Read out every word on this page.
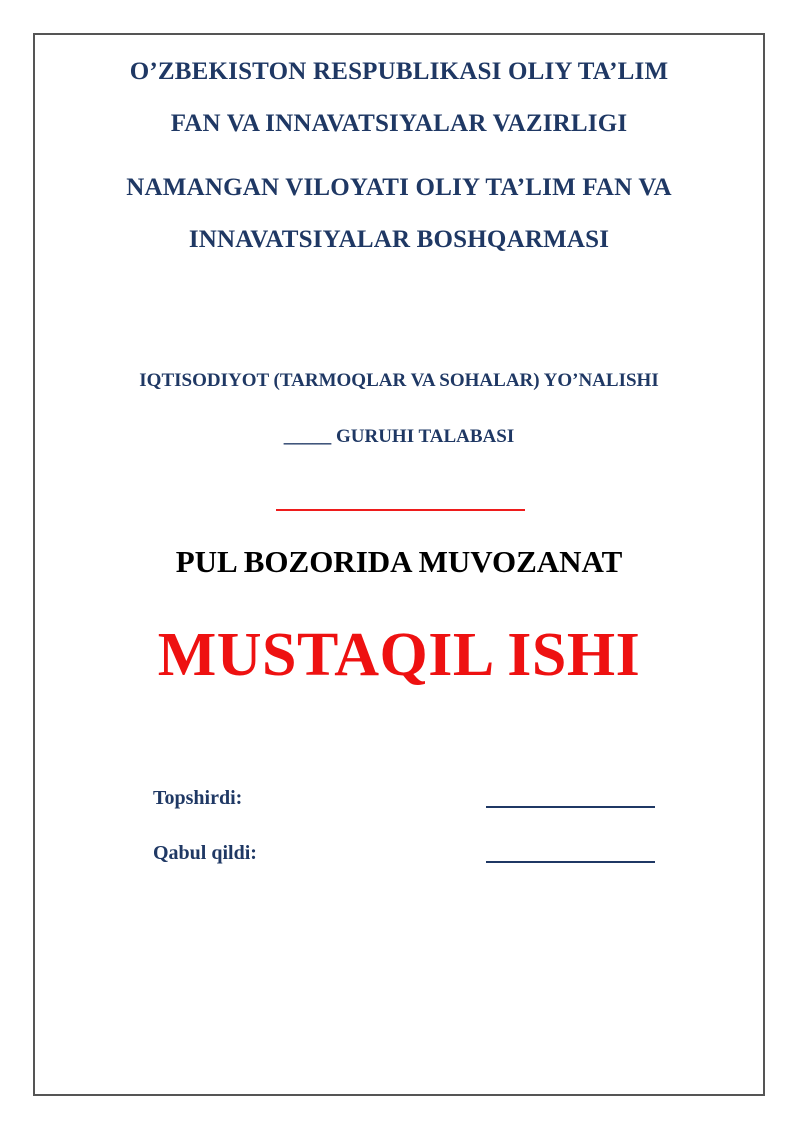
O’ZBEKISTON RESPUBLIKASI OLIY TA’LIM
FAN VA INNAVATSIYALAR VAZIRLIGI
NAMANGAN VILOYATI OLIY TA’LIM FAN VA
INNAVATSIYALAR BOSHQARMASI
IQTISODIYOT (TARMOQLAR VA SOHALAR) YO’NALISHI
_____ GURUHI TALABASI
PUL BOZORIDA MUVOZANAT
MUSTAQIL ISHI
Topshirdi:
Qabul qildi:
